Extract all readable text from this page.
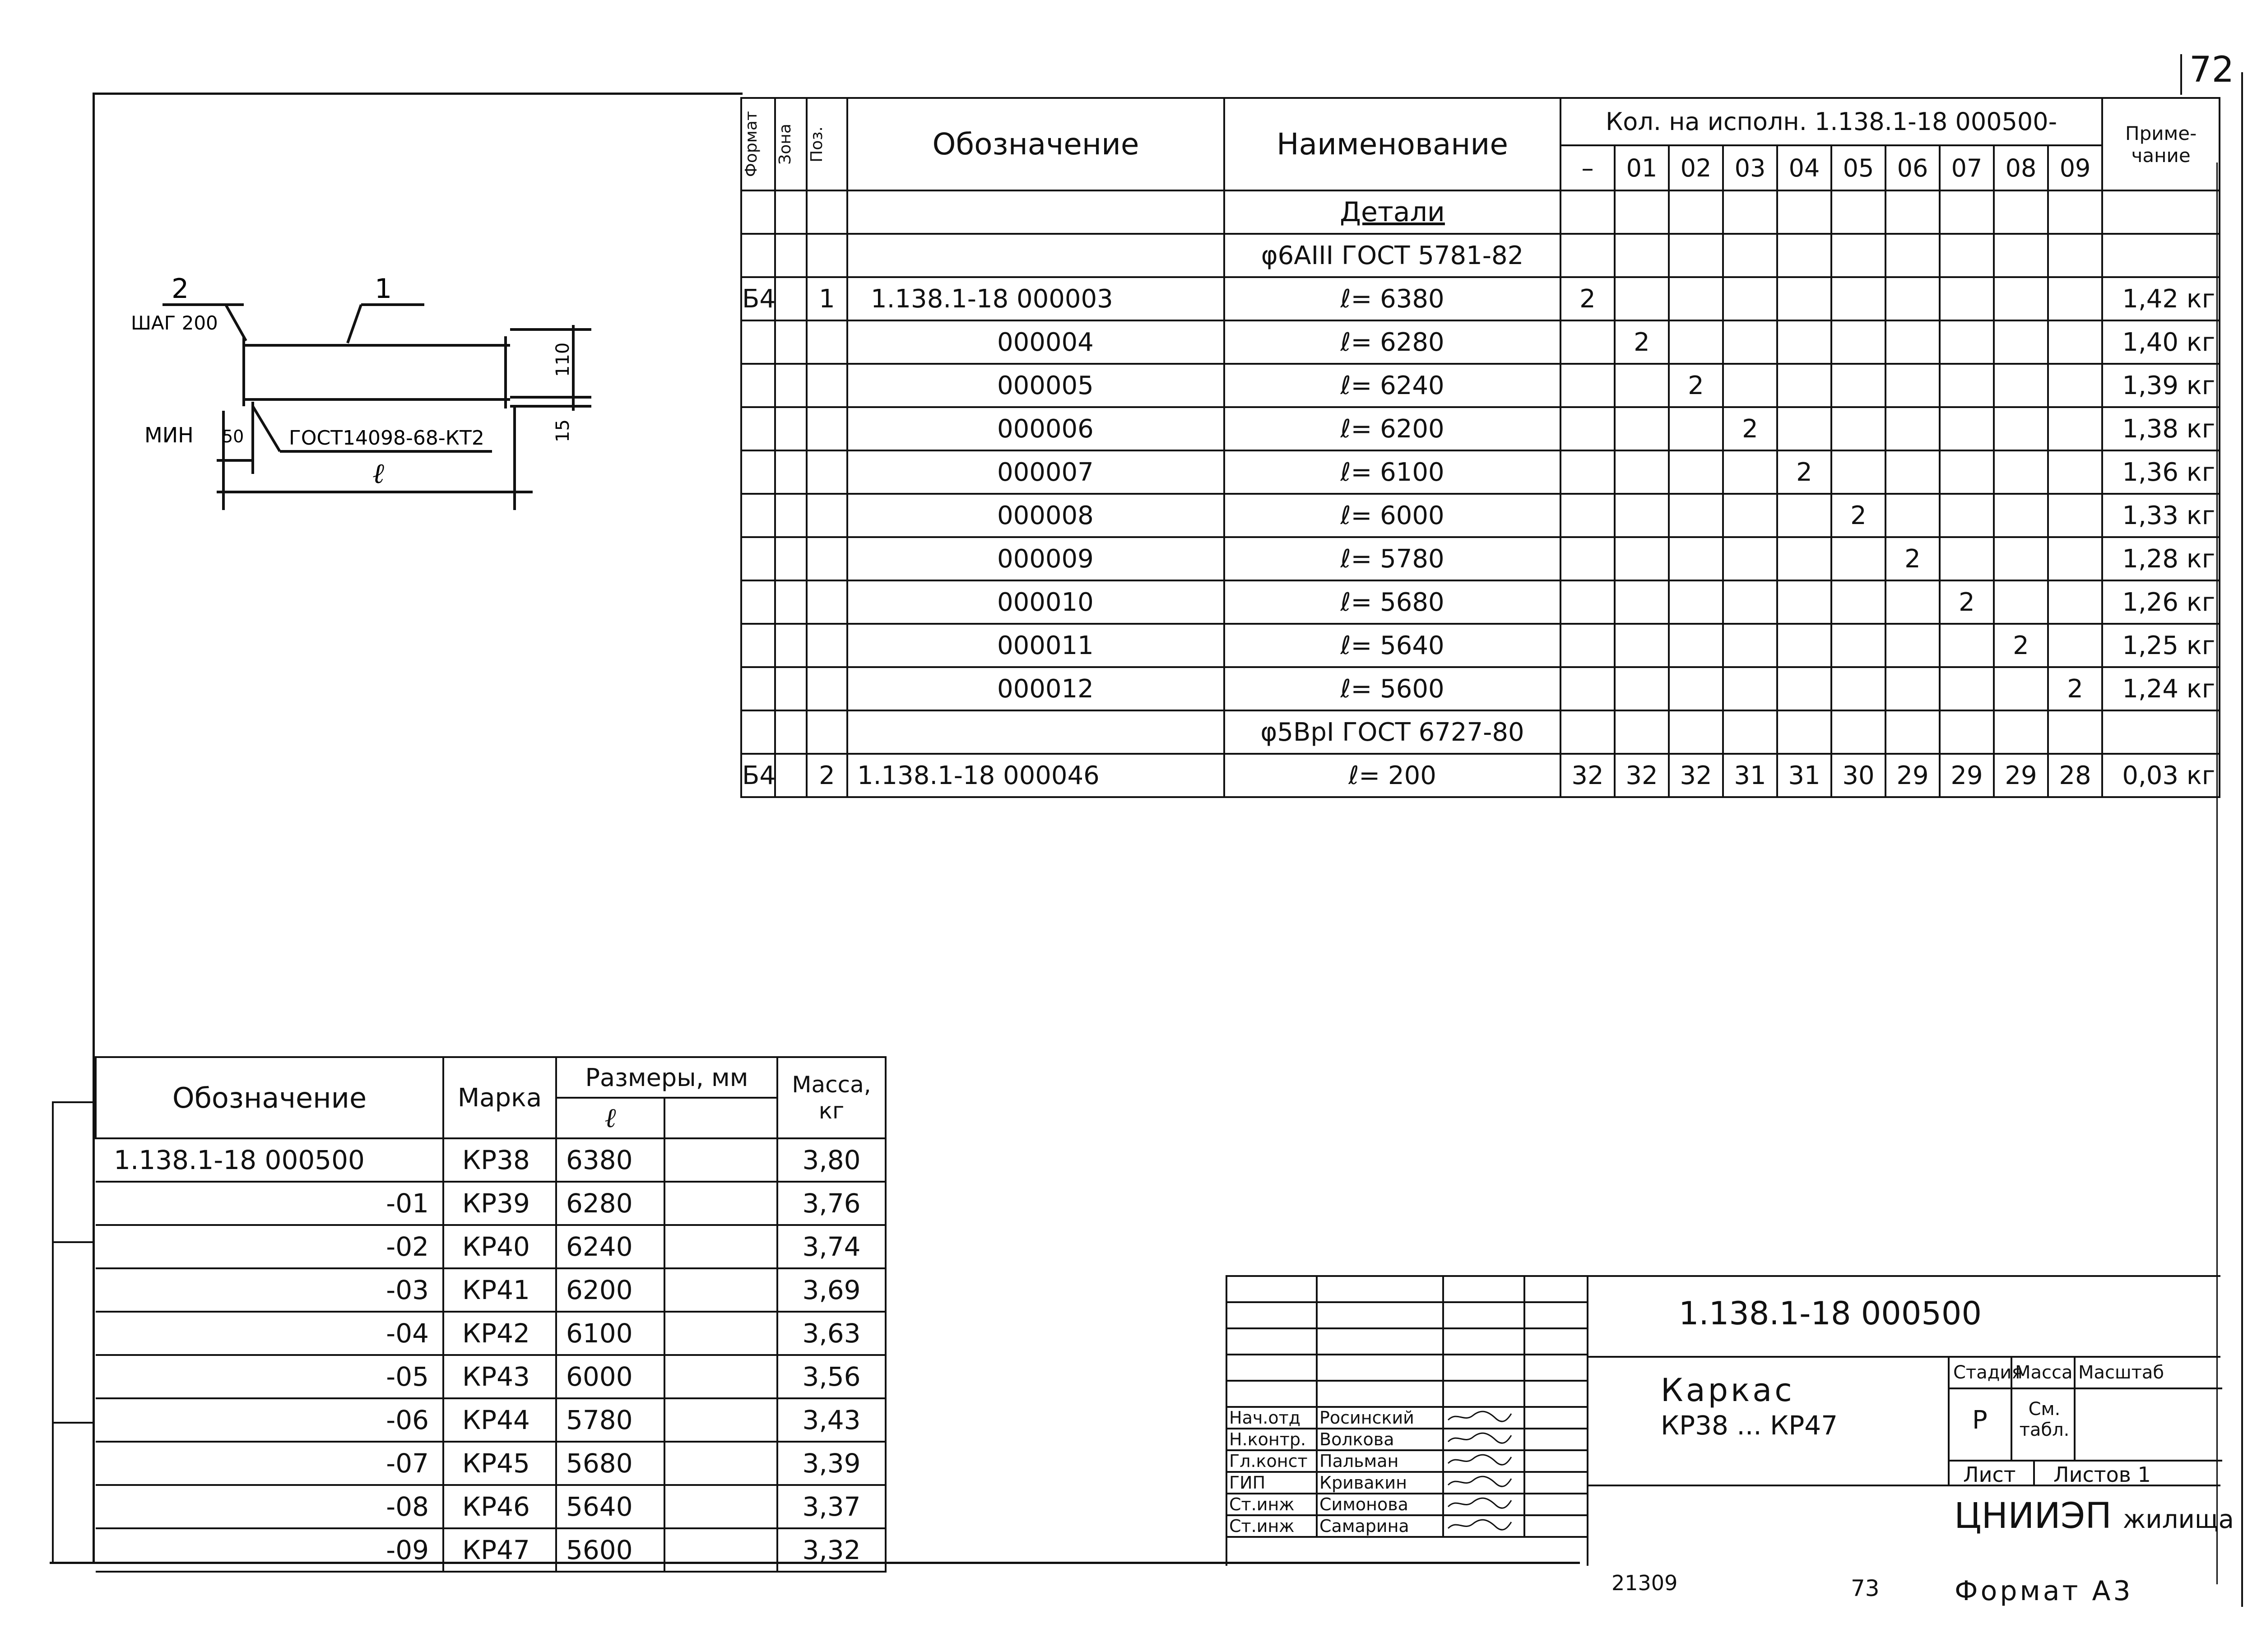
72
2
ШАГ 200
1
МИН 50 ГОСТ14098-68-КТ2
ℓ
110
15
Формат	Зона	Поз.	Обозначение	Наименование	Кол. на исполн. 1.138.1-18 000500-										Приме-чание
					–	01	02	03	04	05	06	07	08	09	
				Детали											
				φ6AIII ГОСТ 5781-82											
Б4		1	1.138.1-18 000003	ℓ= 6380	2										1,42 кг
			000004	ℓ= 6280		2									1,40 кг
			000005	ℓ= 6240			2								1,39 кг
			000006	ℓ= 6200				2							1,38 кг
			000007	ℓ= 6100					2						1,36 кг
			000008	ℓ= 6000						2					1,33 кг
			000009	ℓ= 5780							2				1,28 кг
			000010	ℓ= 5680								2			1,26 кг
			000011	ℓ= 5640									2		1,25 кг
			000012	ℓ= 5600										2	1,24 кг
				φ5BpI ГОСТ 6727-80											
Б4		2	1.138.1-18 000046	ℓ= 200	32	32	32	31	31	30	29	29	29	28	0,03 кг
Обозначение	Марка	Размеры, мм		Масса, кг
		ℓ		
1.138.1-18 000500	КР38	6380		3,80
-01	КР39	6280		3,76
-02	КР40	6240		3,74
-03	КР41	6200		3,69
-04	КР42	6100		3,63
-05	КР43	6000		3,56
-06	КР44	5780		3,43
-07	КР45	5680		3,39
-08	КР46	5640		3,37
-09	КР47	5600		3,32

Нач.отд	Росинский		
Н.контр.	Волкова		
Гл.конст	Пальман		
ГИП	Кривакин		
Ст.инж	Симонова		
Ст.инж	Самарина		
1.138.1-18 000500
Каркас
КР38 ... КР47
Стадия
Масса Масштаб
Р	См. табл.
Лист Листов 1
ЦНИИЭП жилища
21309	73	Формат А3
